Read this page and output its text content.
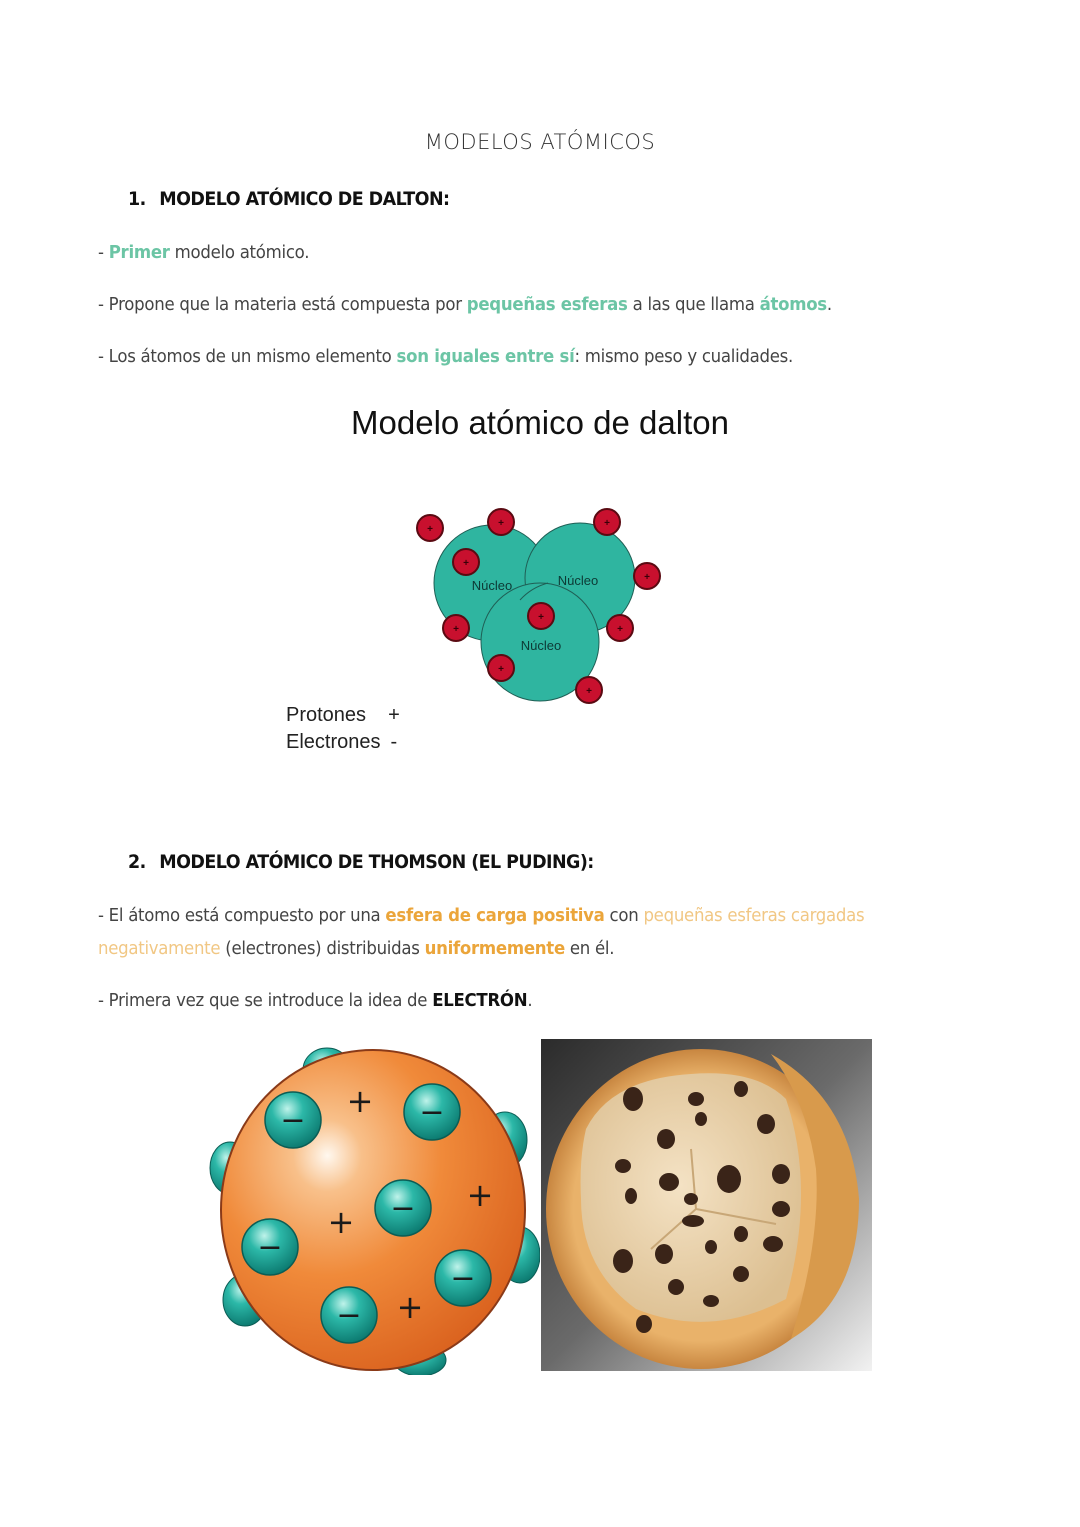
MODELOS ATÓMICOS
1. MODELO ATÓMICO DE DALTON:
- Primer modelo atómico.
- Propone que la materia está compuesta por pequeñas esferas a las que llama átomos.
- Los átomos de un mismo elemento son iguales entre sí: mismo peso y cualidades.
Modelo atómico de dalton
Núcleo	Núcleo
Núcleo
+
+	+
+
+
+
+	+
+
+
Protones +
Electrones -
2. MODELO ATÓMICO DE THOMSON (EL PUDING):
- El átomo está compuesto por una esfera de carga positiva con pequeñas esferas cargadas
negativamente (electrones) distribuidas uniformemente en él.
- Primera vez que se introduce la idea de ELECTRÓN.
−	−
−
−
−
−
+
+
+
+
